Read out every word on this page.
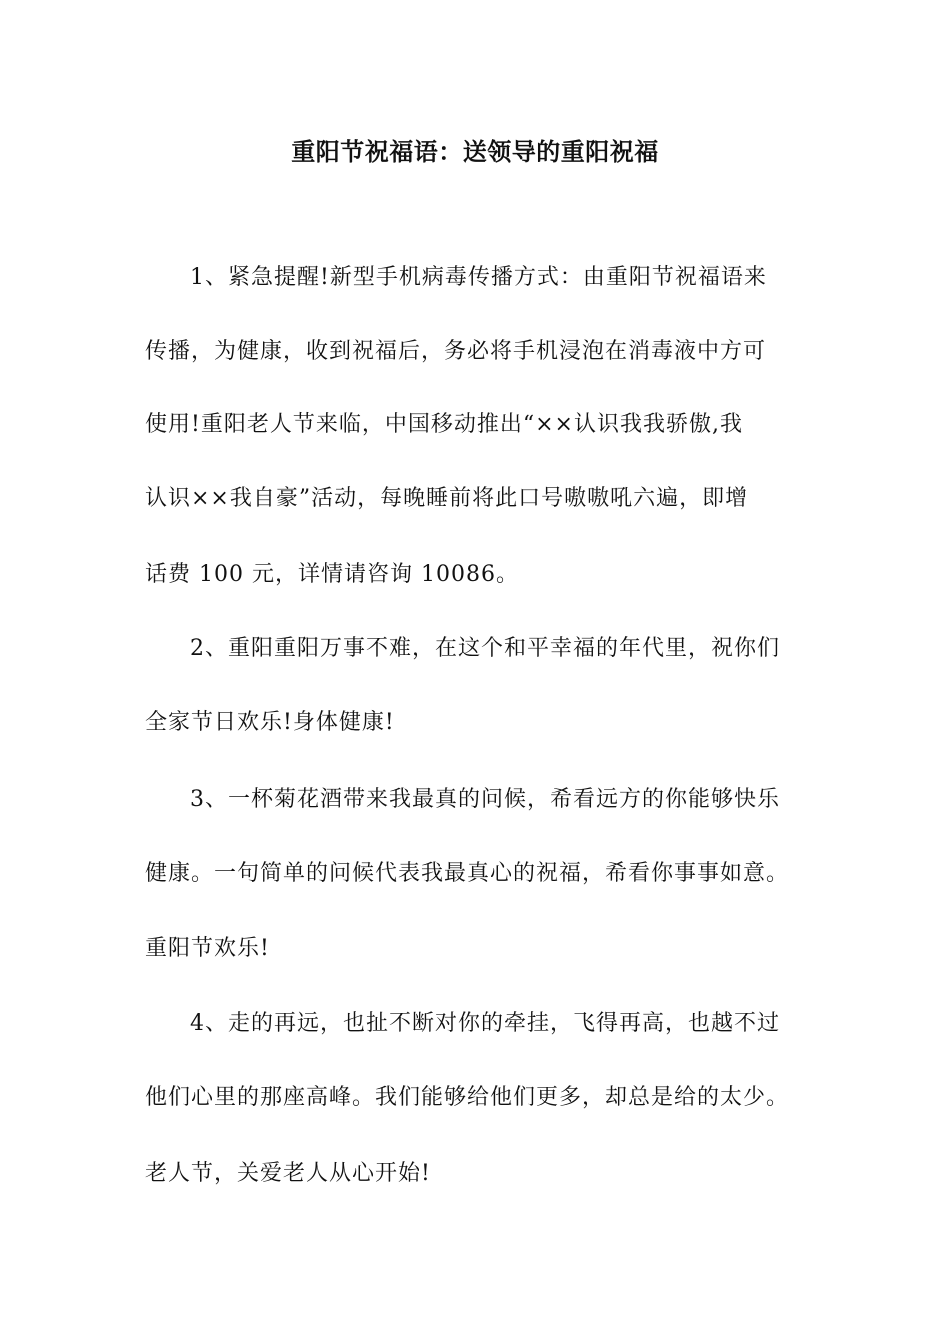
重阳节祝福语：送领导的重阳祝福
1、紧急提醒!新型手机病毒传播方式：由重阳节祝福语来
传播，为健康，收到祝福后，务必将手机浸泡在消毒液中方可
使用!重阳老人节来临，中国移动推出“××认识我我骄傲,我
认识××我自豪”活动，每晚睡前将此口号嗷嗷吼六遍，即增
话费 100 元，详情请咨询 10086。
2、重阳重阳万事不难，在这个和平幸福的年代里，祝你们
全家节日欢乐!身体健康!
3、一杯菊花酒带来我最真的问候，希看远方的你能够快乐
健康。一句简单的问候代表我最真心的祝福，希看你事事如意。
重阳节欢乐!
4、走的再远，也扯不断对你的牵挂，飞得再高，也越不过
他们心里的那座高峰。我们能够给他们更多，却总是给的太少。
老人节，关爱老人从心开始!
